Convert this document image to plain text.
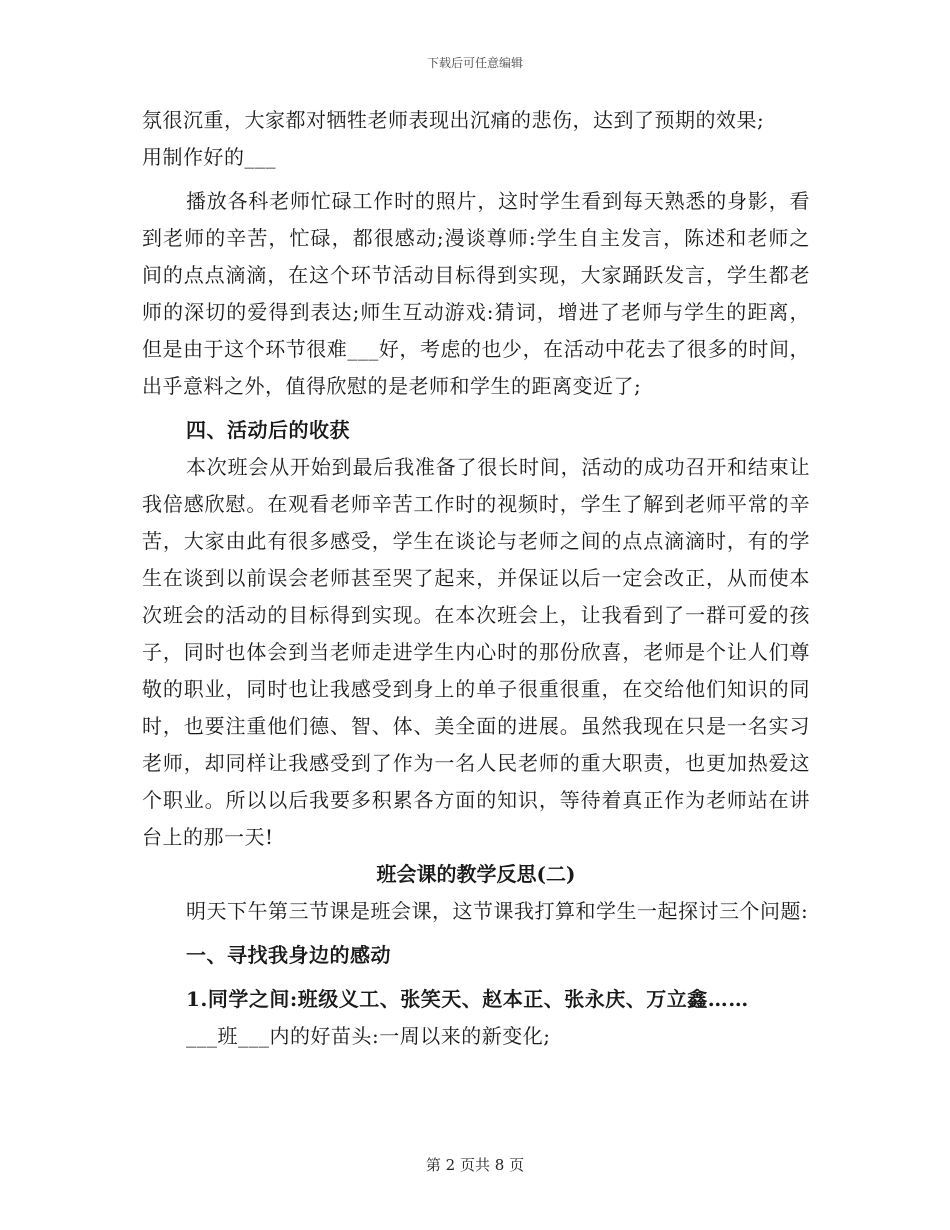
下载后可任意编辑

氛很沉重，大家都对牺牲老师表现出沉痛的悲伤，达到了预期的效果;

用制作好的___

播放各科老师忙碌工作时的照片，这时学生看到每天熟悉的身影，看到老师的辛苦，忙碌，都很感动;漫谈尊师:学生自主发言，陈述和老师之间的点点滴滴，在这个环节活动目标得到实现，大家踊跃发言，学生都老师的深切的爱得到表达;师生互动游戏:猜词，增进了老师与学生的距离，但是由于这个环节很难___好，考虑的也少，在活动中花去了很多的时间，出乎意料之外，值得欣慰的是老师和学生的距离变近了;

四、活动后的收获

本次班会从开始到最后我准备了很长时间，活动的成功召开和结束让我倍感欣慰。在观看老师辛苦工作时的视频时，学生了解到老师平常的辛苦，大家由此有很多感受，学生在谈论与老师之间的点点滴滴时，有的学生在谈到以前误会老师甚至哭了起来，并保证以后一定会改正，从而使本次班会的活动的目标得到实现。在本次班会上，让我看到了一群可爱的孩子，同时也体会到当老师走进学生内心时的那份欣喜，老师是个让人们尊敬的职业，同时也让我感受到身上的单子很重很重，在交给他们知识的同时，也要注重他们德、智、体、美全面的进展。虽然我现在只是一名实习老师，却同样让我感受到了作为一名人民老师的重大职责，也更加热爱这个职业。所以以后我要多积累各方面的知识，等待着真正作为老师站在讲台上的那一天!

班会课的教学反思(二)

明天下午第三节课是班会课，这节课我打算和学生一起探讨三个问题:

一、寻找我身边的感动

1.同学之间:班级义工、张笑天、赵本正、张永庆、万立鑫……

___班___内的好苗头:一周以来的新变化;

第 2 页共 8 页
